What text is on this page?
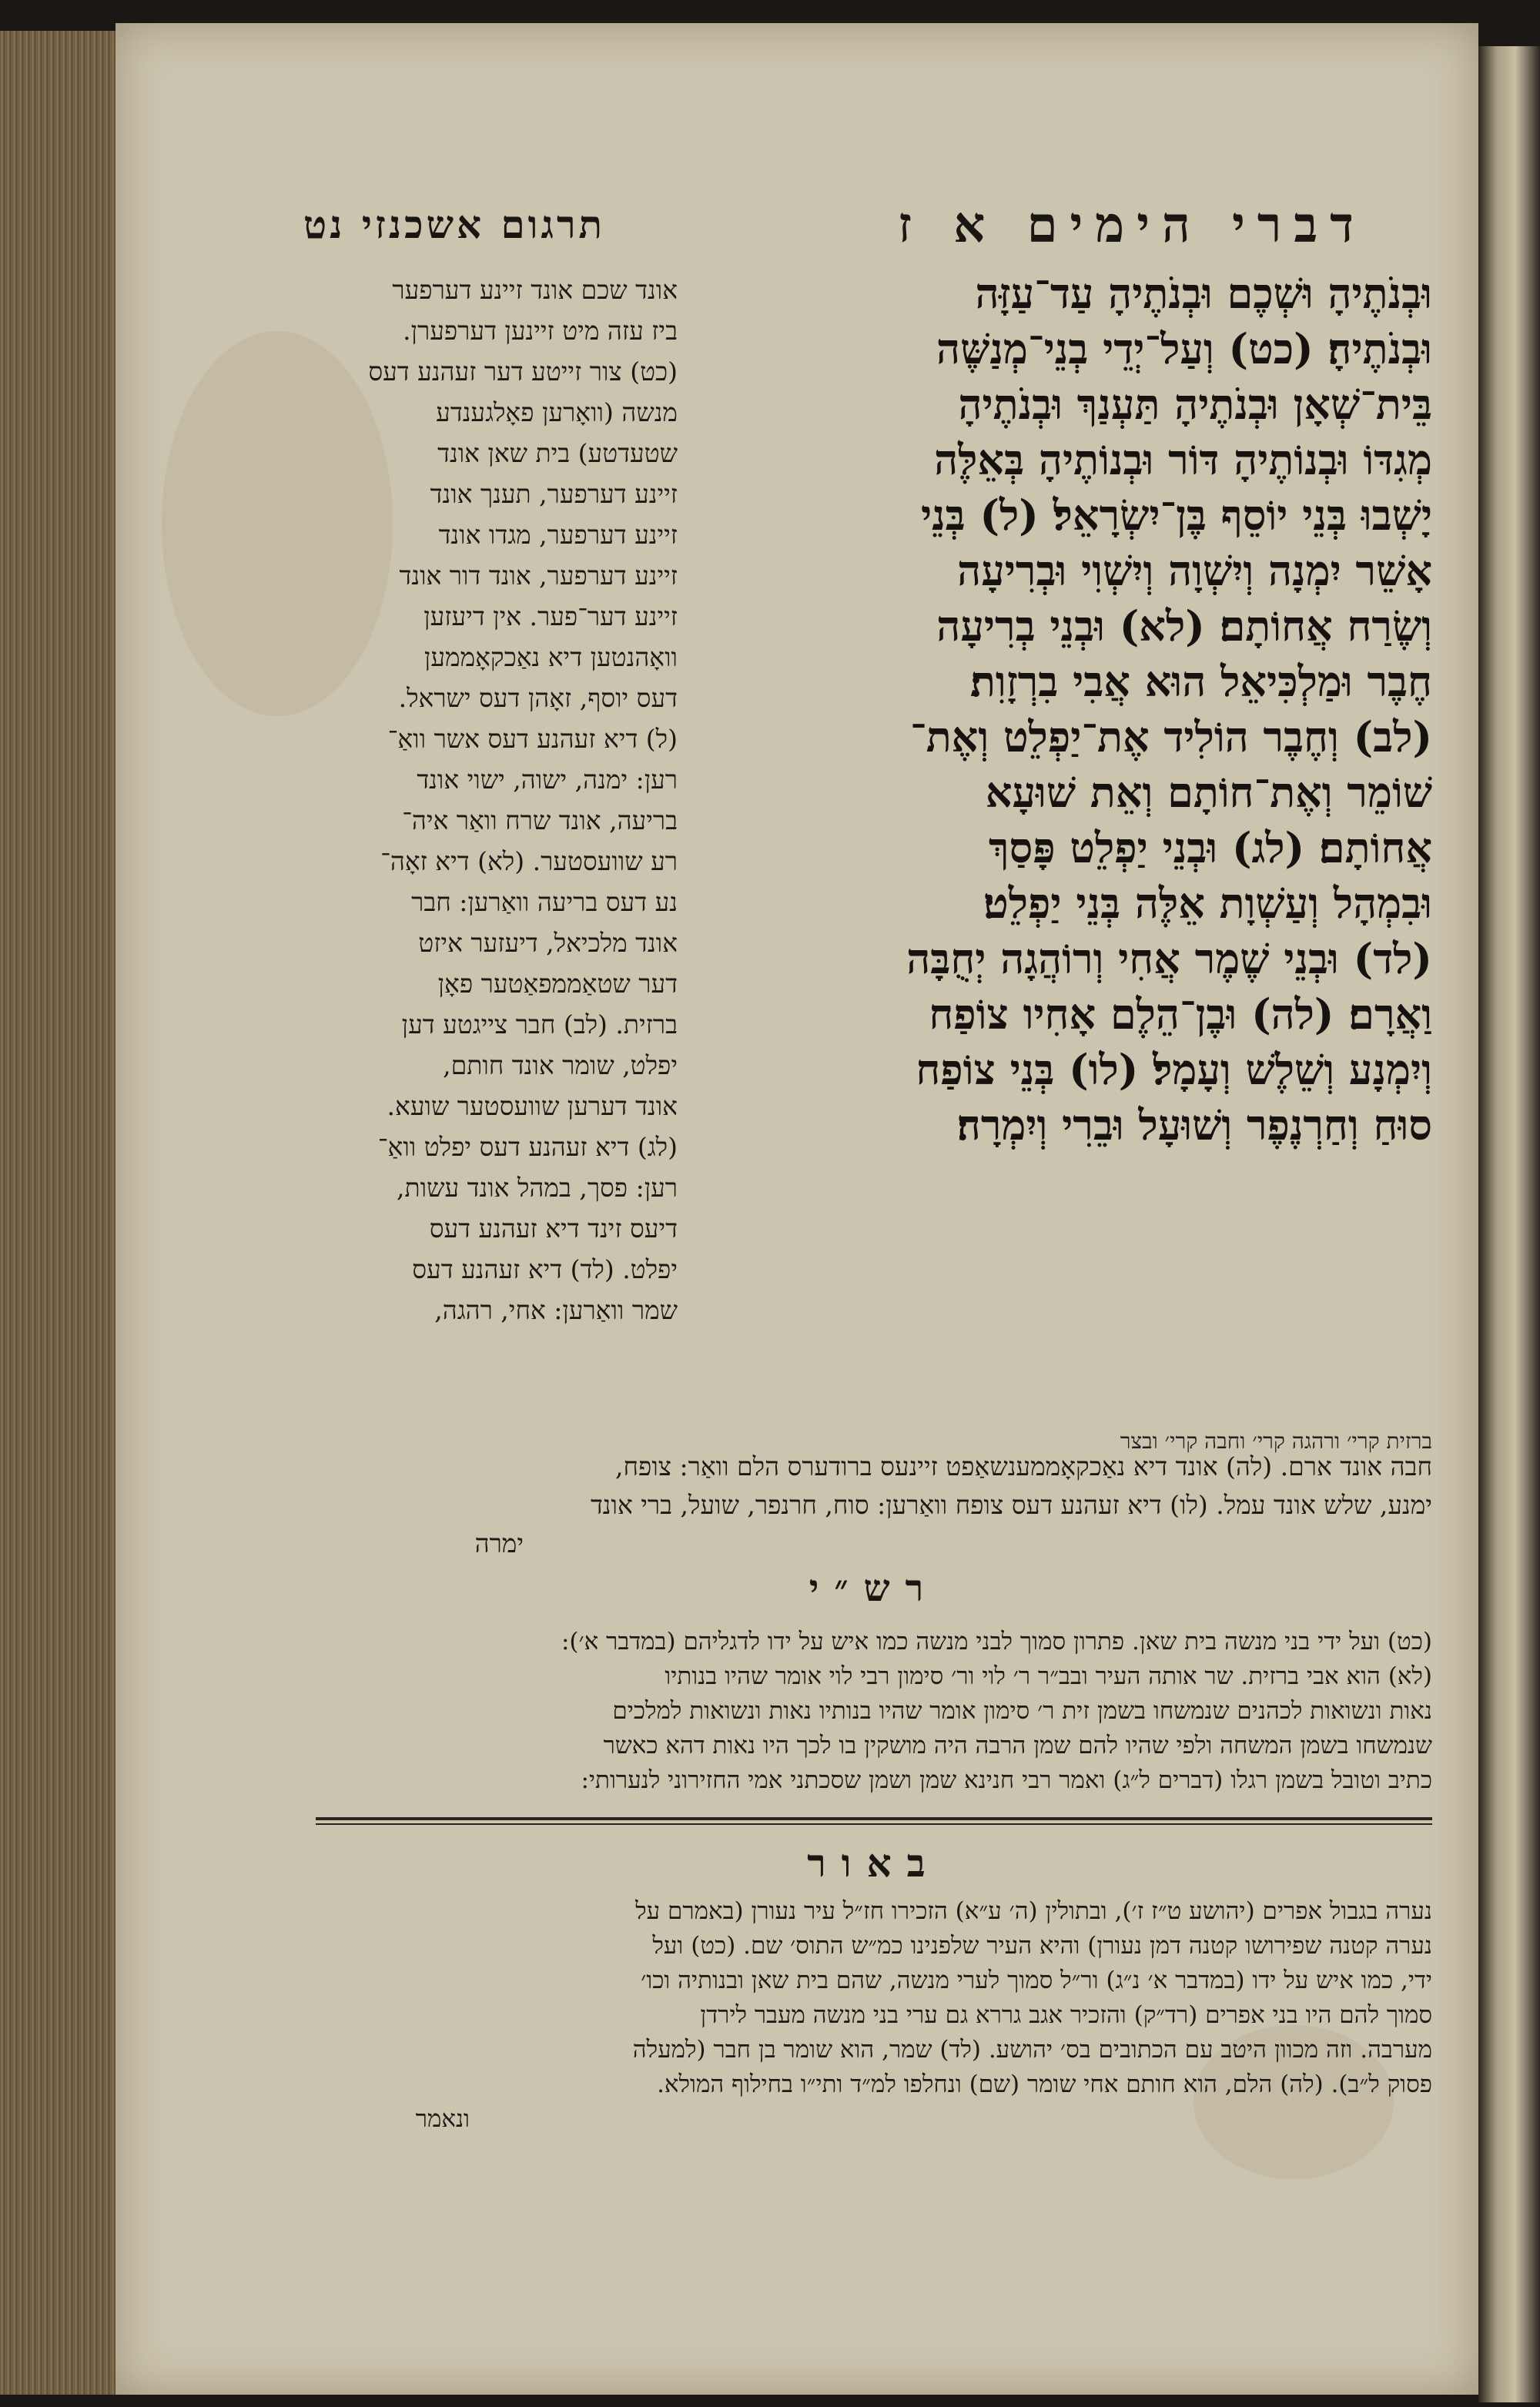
תרגום אשכנזי נט	דברי הימים א ז

אונד שכם אונד זיינע דערפער

ביז עזה מיט זיינען דערפערן.

(כט) צור זייטע דער זעהנע דעס

מנשה (וואָרען פאָלגענדע

שטעדטע) בית שאן אונד

זיינע דערפער, תענך אונד

זיינע דערפער, מגדו אונד

זיינע דערפער, אונד דור אונד

זיינע דער־פער. אין דיעזען

וואָהנטען דיא נאַכקאָממען

דעס יוסף, זאָהן דעס ישראל.

(ל) דיא זעהנע דעס אשר וואַ־

רען: ימנה, ישוה, ישוי אונד

בריעה, אונד שרח וואַר איה־

רע שוועסטער. (לא) דיא זאָה־

נע דעס בריעה וואַרען: חבר

אונד מלכיאל, דיעזער איזט

דער שטאַממפאַטער פאָן

ברזית. (לב) חבר צייגטע דען

יפלט, שומר אונד חותם,

אונד דערען שוועסטער שועא.

(לג) דיא זעהנע דעס יפלט וואַ־

רען: פסך, במהל אונד עשות,

דיעס זינד דיא זעהנע דעס

יפלט. (לד) דיא זעהנע דעס

שמר וואַרען: אחי, רהגה,

וּבְנֹתֶיהָ וּשְׁכֶם וּבְנֹתֶיהָ עַד־עַזָּה

וּבְנֹתֶיהָ׃ (כט) וְעַל־יְדֵי בְנֵי־מְנַשֶּׁה

בֵּית־שְׁאָן וּבְנֹתֶיהָ תַּעְנַךְ וּבְנֹתֶיהָ

מְגִדּוֹ וּבְנוֹתֶיהָ דּוֹר וּבְנוֹתֶיהָ בְּאֵלֶּה

יָשְׁבוּ בְּנֵי יוֹסֵף בֶּן־יִשְׂרָאֵל׃ (ל) בְּנֵי

אָשֵׁר יִמְנָה וְיִשְׁוָה וְיִשְׁוִי וּבְרִיעָה

וְשֶׂרַח אֲחוֹתָם׃ (לא) וּבְנֵי בְרִיעָה

חֶבֶר וּמַלְכִּיאֵל הוּא אֲבִי בִרְזָוִת׃

(לב) וְחֶבֶר הוֹלִיד אֶת־יַפְלֵט וְאֶת־

שׁוֹמֵר וְאֶת־חוֹתָם וְאֵת שׁוּעָא

אֲחוֹתָם׃ (לג) וּבְנֵי יַפְלֵט פָּסַךְ

וּבִמְהָל וְעַשְׁוָת אֵלֶּה בְּנֵי יַפְלֵט׃

(לד) וּבְנֵי שֶׁמֶר אֲחִי וְרוֹהֲגָה יְחֻבָּה

וַאֲרָם׃ (לה) וּבֶן־הֵלֶם אָחִיו צוֹפַח

וְיִמְנָע וְשֵׁלֶשׁ וְעָמָל׃ (לו) בְּנֵי צוֹפַח

סוּחַ וְחַרְנֶפֶר וְשׁוּעָל וּבֵרִי וְיִמְרָה׃

ברזית קרי׳ ורהגה קרי׳ וחבה קרי׳ ובצר

חבה אונד ארם. (לה) אונד דיא נאַכקאָממענשאַפט זיינעס ברודערס הלם וואַר: צופח,

ימנע, שלש אונד עמל. (לו) דיא זעהנע דעס צופח וואַרען: סוח, חרנפר, שועל, ברי אונד

ימרה

רש״י

(כט) ועל ידי בני מנשה בית שאן. פתרון סמוך לבני מנשה כמו איש על ידו לדגליהם (במדבר א׳):

(לא) הוא אבי ברזית. שר אותה העיר ובב״ר ר׳ לוי ור׳ סימון רבי לוי אומר שהיו בנותיו

נאות ונשואות לכהנים שנמשחו בשמן זית ר׳ סימון אומר שהיו בנותיו נאות ונשואות למלכים

שנמשחו בשמן המשחה ולפי שהיו להם שמן הרבה היה מושקין בו לכך היו נאות דהא כאשר

כתיב וטובל בשמן רגלו (דברים ל״ג) ואמר רבי חנינא שמן ושמן שסכתני אמי החזירוני לנערותי:

באור

נערה בגבול אפרים (יהושע ט״ז ז׳), ובתולין (ה׳ ע״א) הזכירו חז״ל עיר נעורן (באמרם על

נערה קטנה שפירושו קטנה דמן נעורן) והיא העיר שלפנינו כמ״ש התוס׳ שם. (כט) ועל

ידי, כמו איש על ידו (במדבר א׳ נ״ג) ור״ל סמוך לערי מנשה, שהם בית שאן ובנותיה וכו׳

סמוך להם היו בני אפרים (רד״ק) והזכיר אגב גררא גם ערי בני מנשה מעבר לירדן

מערבה. וזה מכוון היטב עם הכתובים בס׳ יהושע. (לד) שמר, הוא שומר בן חבר (למעלה

פסוק ל״ב). (לה) הלם, הוא חותם אחי שומר (שם) ונחלפו למ״ד ותי״ו בחילוף המולא.

ונאמר
